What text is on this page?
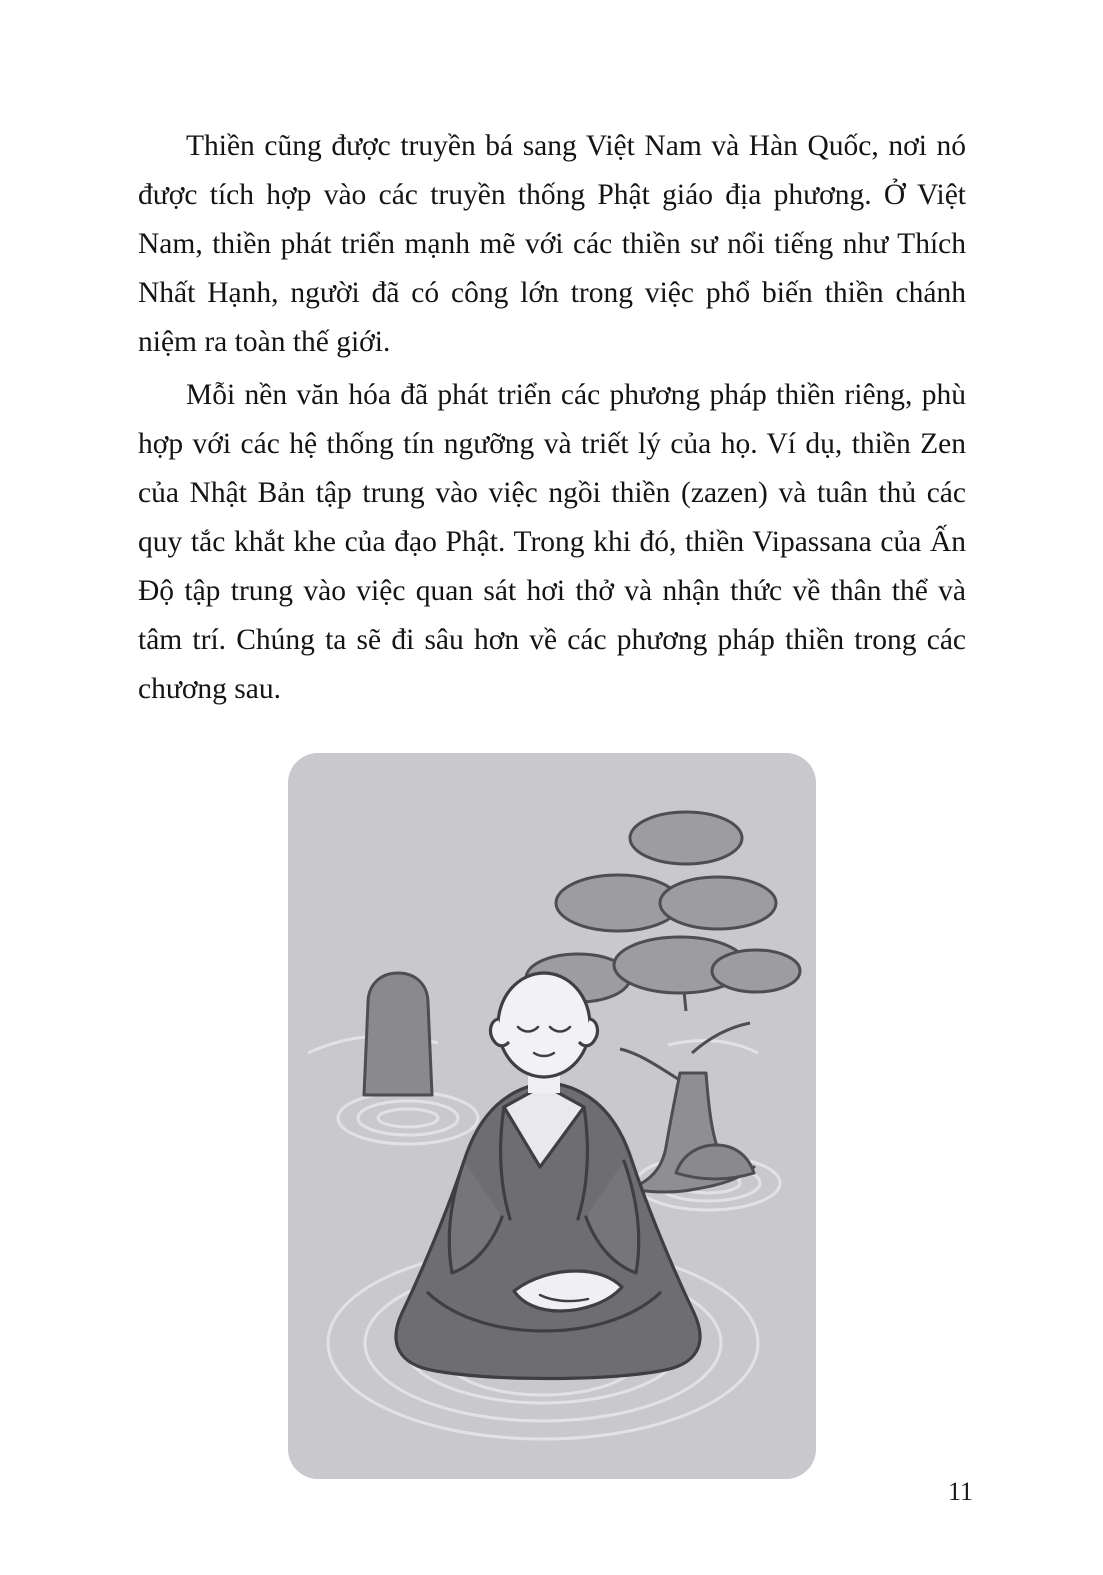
Thiền cũng được truyền bá sang Việt Nam và Hàn Quốc, nơi nó được tích hợp vào các truyền thống Phật giáo địa phương. Ở Việt Nam, thiền phát triển mạnh mẽ với các thiền sư nổi tiếng như Thích Nhất Hạnh, người đã có công lớn trong việc phổ biến thiền chánh niệm ra toàn thế giới.

Mỗi nền văn hóa đã phát triển các phương pháp thiền riêng, phù hợp với các hệ thống tín ngưỡng và triết lý của họ. Ví dụ, thiền Zen của Nhật Bản tập trung vào việc ngồi thiền (zazen) và tuân thủ các quy tắc khắt khe của đạo Phật. Trong khi đó, thiền Vipassana của Ấn Độ tập trung vào việc quan sát hơi thở và nhận thức về thân thể và tâm trí. Chúng ta sẽ đi sâu hơn về các phương pháp thiền trong các chương sau.

11
